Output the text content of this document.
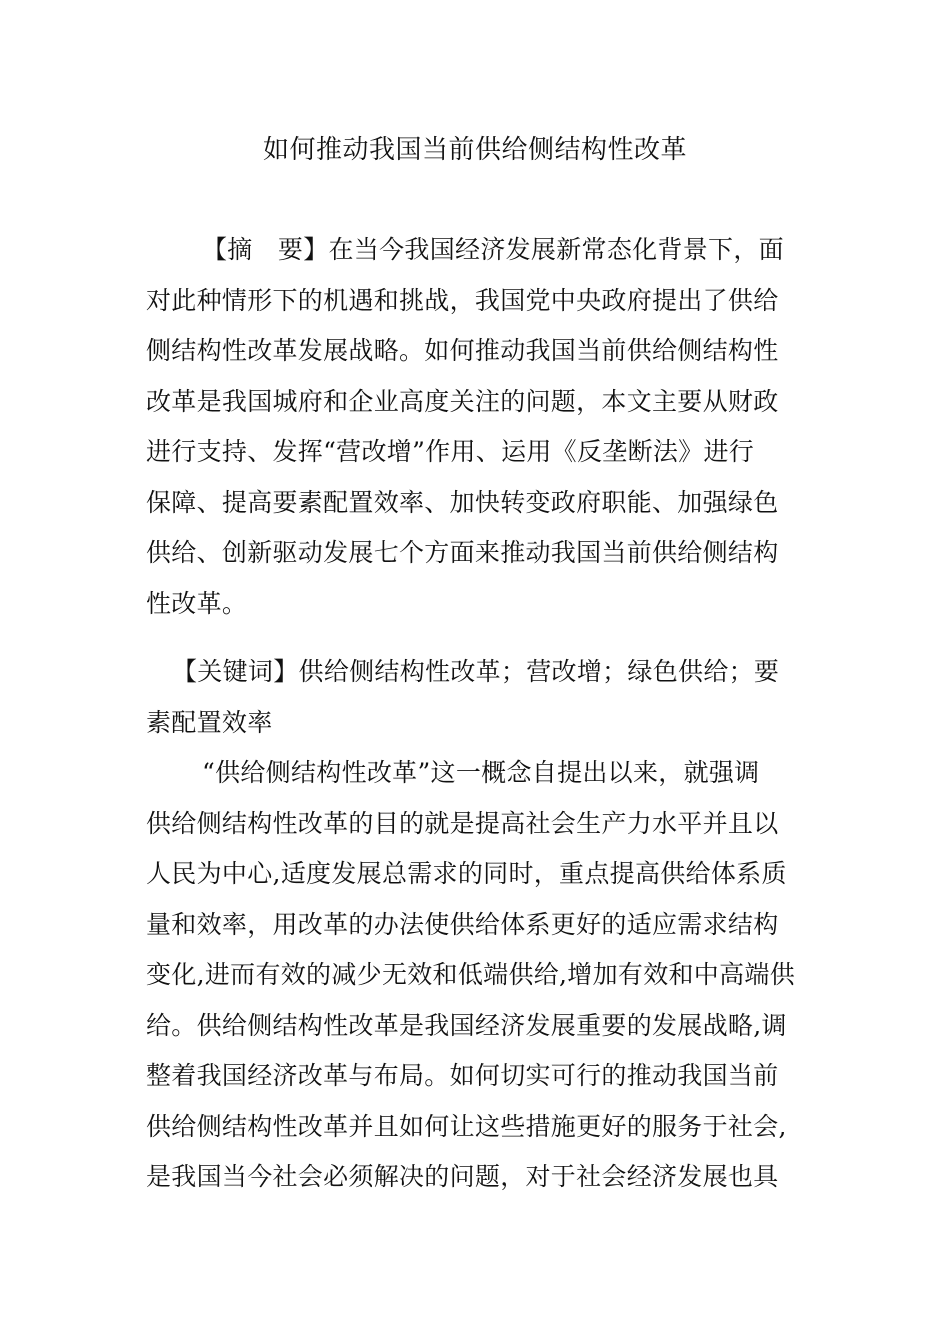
如何推动我国当前供给侧结构性改革
【摘　要】在当今我国经济发展新常态化背景下，面
对此种情形下的机遇和挑战，我国党中央政府提出了供给
侧结构性改革发展战略。如何推动我国当前供给侧结构性
改革是我国城府和企业高度关注的问题，本文主要从财政
进行支持、发挥“营改增”作用、运用《反垄断法》进行
保障、提高要素配置效率、加快转变政府职能、加强绿色
供给、创新驱动发展七个方面来推动我国当前供给侧结构
性改革。
【关键词】供给侧结构性改革；营改增；绿色供给；要
素配置效率
“供给侧结构性改革”这一概念自提出以来，就强调
供给侧结构性改革的目的就是提高社会生产力水平并且以
人民为中心,适度发展总需求的同时，重点提高供给体系质
量和效率，用改革的办法使供给体系更好的适应需求结构
变化,进而有效的减少无效和低端供给,增加有效和中高端供
给。供给侧结构性改革是我国经济发展重要的发展战略,调
整着我国经济改革与布局。如何切实可行的推动我国当前
供给侧结构性改革并且如何让这些措施更好的服务于社会,
是我国当今社会必须解决的问题，对于社会经济发展也具
